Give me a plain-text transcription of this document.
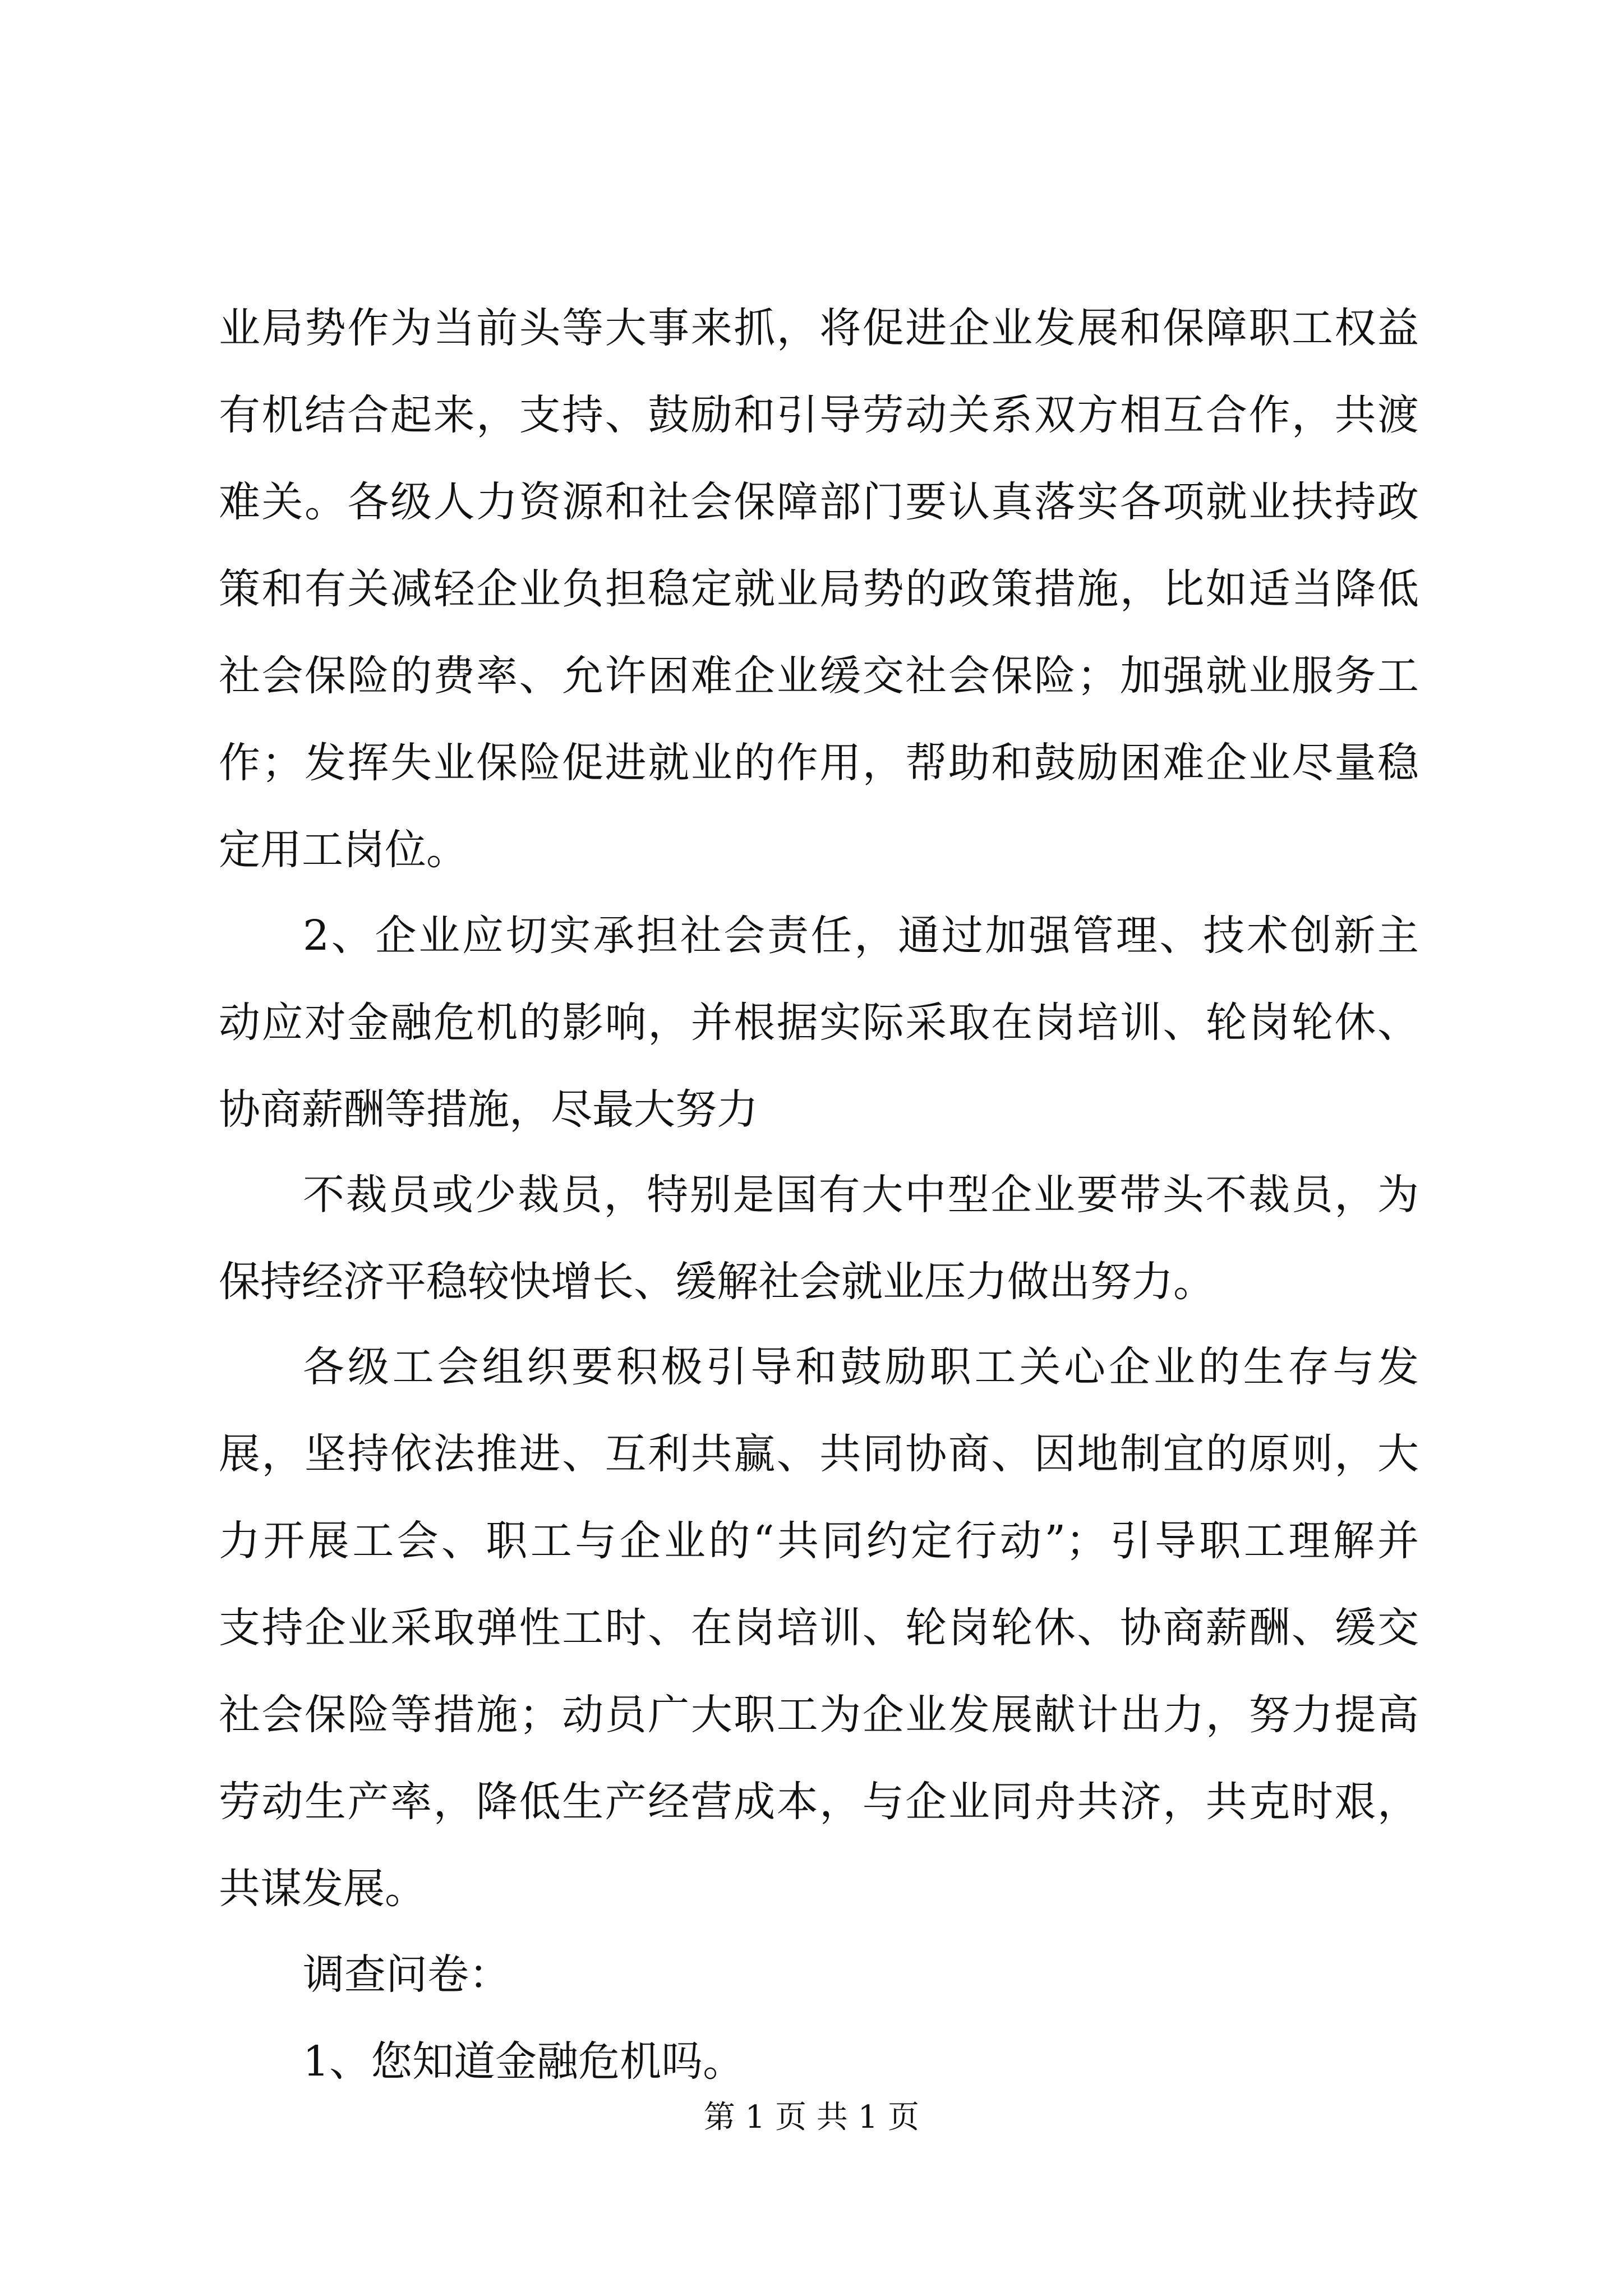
业局势作为当前头等大事来抓，将促进企业发展和保障职工权益
有机结合起来，支持、鼓励和引导劳动关系双方相互合作，共渡
难关。各级人力资源和社会保障部门要认真落实各项就业扶持政
策和有关减轻企业负担稳定就业局势的政策措施，比如适当降低
社会保险的费率、允许困难企业缓交社会保险；加强就业服务工
作；发挥失业保险促进就业的作用，帮助和鼓励困难企业尽量稳
定用工岗位。
2、企业应切实承担社会责任，通过加强管理、技术创新主
动应对金融危机的影响，并根据实际采取在岗培训、轮岗轮休、
协商薪酬等措施，尽最大努力
不裁员或少裁员，特别是国有大中型企业要带头不裁员，为
保持经济平稳较快增长、缓解社会就业压力做出努力。
各级工会组织要积极引导和鼓励职工关心企业的生存与发
展，坚持依法推进、互利共赢、共同协商、因地制宜的原则，大
力开展工会、职工与企业的“共同约定行动”；引导职工理解并
支持企业采取弹性工时、在岗培训、轮岗轮休、协商薪酬、缓交
社会保险等措施；动员广大职工为企业发展献计出力，努力提高
劳动生产率，降低生产经营成本，与企业同舟共济，共克时艰，
共谋发展。
调查问卷：
1、您知道金融危机吗。
第 1 页 共 1 页
